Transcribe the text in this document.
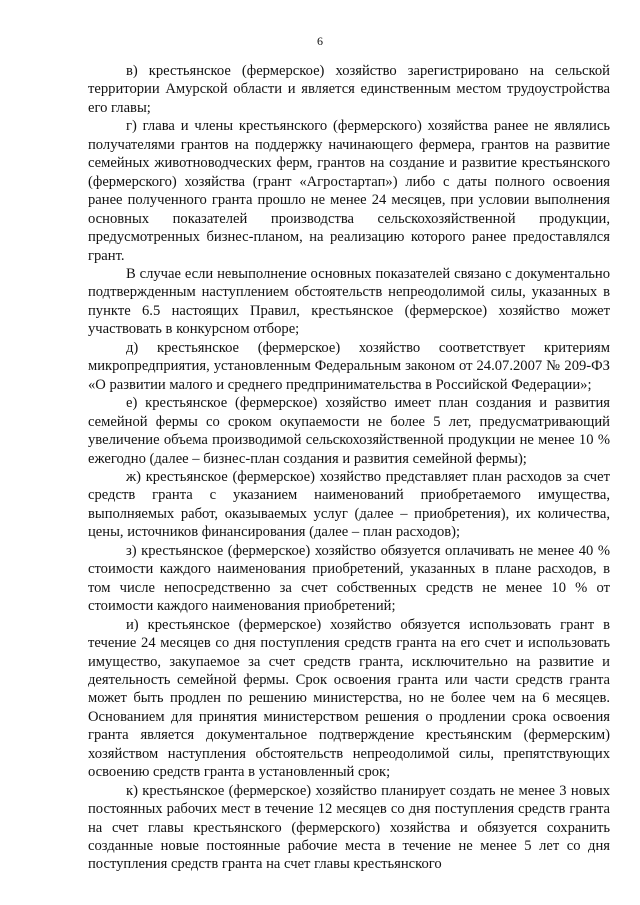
6

в) крестьянское (фермерское) хозяйство зарегистрировано на сельской территории Амурской области и является единственным местом трудоустройства его главы;

г) глава и члены крестьянского (фермерского) хозяйства ранее не являлись получателями грантов на поддержку начинающего фермера, грантов на развитие семейных животноводческих ферм, грантов на создание и развитие крестьянского (фермерского) хозяйства (грант «Агростартап») либо с даты полного освоения ранее полученного гранта прошло не менее 24 месяцев, при условии выполнения основных показателей производства сельскохозяйственной продукции, предусмотренных бизнес-планом, на реализацию которого ранее предоставлялся грант.

В случае если невыполнение основных показателей связано с документально подтвержденным наступлением обстоятельств непреодолимой силы, указанных в пункте 6.5 настоящих Правил, крестьянское (фермерское) хозяйство может участвовать в конкурсном отборе;

д) крестьянское (фермерское) хозяйство соответствует критериям микропредприятия, установленным Федеральным законом от 24.07.2007 № 209-ФЗ «О развитии малого и среднего предпринимательства в Российской Федерации»;

е) крестьянское (фермерское) хозяйство имеет план создания и развития семейной фермы со сроком окупаемости не более 5 лет, предусматривающий увеличение объема производимой сельскохозяйственной продукции не менее 10 % ежегодно (далее – бизнес-план создания и развития семейной фермы);

ж) крестьянское (фермерское) хозяйство представляет план расходов за счет средств гранта с указанием наименований приобретаемого имущества, выполняемых работ, оказываемых услуг (далее – приобретения), их количества, цены, источников финансирования (далее – план расходов);

з) крестьянское (фермерское) хозяйство обязуется оплачивать не менее 40 % стоимости каждого наименования приобретений, указанных в плане расходов, в том числе непосредственно за счет собственных средств не менее 10 % от стоимости каждого наименования приобретений;

и) крестьянское (фермерское) хозяйство обязуется использовать грант в течение 24 месяцев со дня поступления средств гранта на его счет и использовать имущество, закупаемое за счет средств гранта, исключительно на развитие и деятельность семейной фермы. Срок освоения гранта или части средств гранта может быть продлен по решению министерства, но не более чем на 6 месяцев. Основанием для принятия министерством решения о продлении срока освоения гранта является документальное подтверждение крестьянским (фермерским) хозяйством наступления обстоятельств непреодолимой силы, препятствующих освоению средств гранта в установленный срок;

к) крестьянское (фермерское) хозяйство планирует создать не менее 3 новых постоянных рабочих мест в течение 12 месяцев со дня поступления средств гранта на счет главы крестьянского (фермерского) хозяйства и обязуется сохранить созданные новые постоянные рабочие места в течение не менее 5 лет со дня поступления средств гранта на счет главы крестьянского
